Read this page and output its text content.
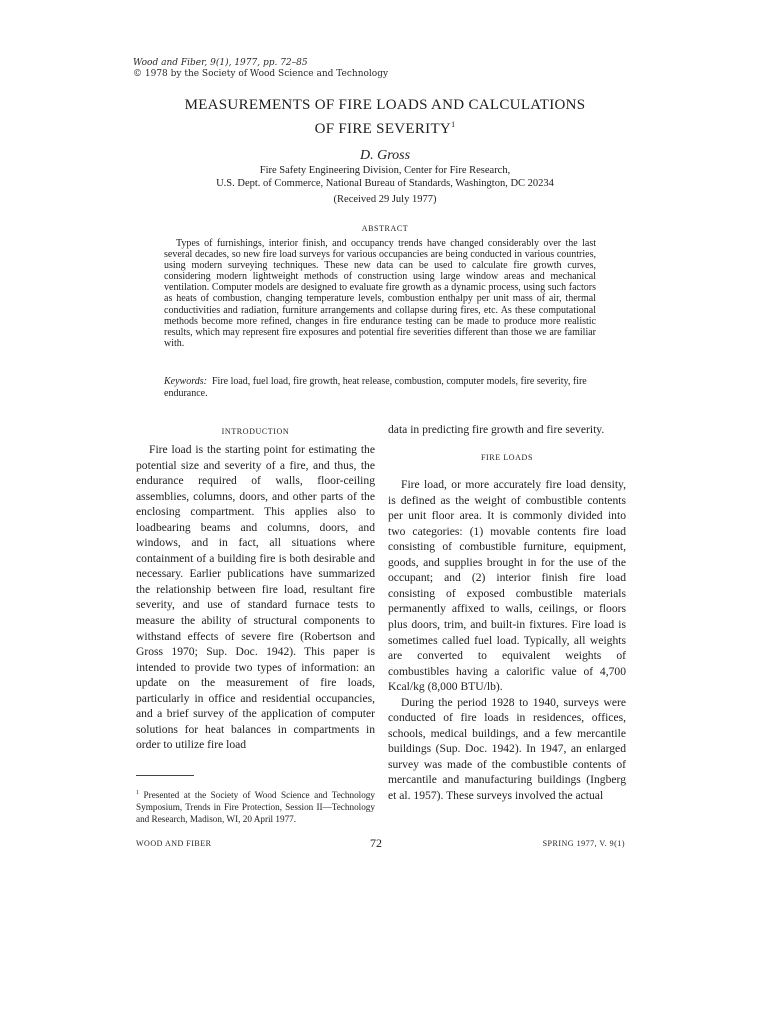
Wood and Fiber, 9(1), 1977, pp. 72–85
© 1978 by the Society of Wood Science and Technology
MEASUREMENTS OF FIRE LOADS AND CALCULATIONS
OF FIRE SEVERITY$^1$
D. Gross
Fire Safety Engineering Division, Center for Fire Research,
U.S. Dept. of Commerce, National Bureau of Standards, Washington, DC 20234
(Received 29 July 1977)
ABSTRACT
Types of furnishings, interior finish, and occupancy trends have changed considerably over the last several decades, so new fire load surveys for various occupancies are being conducted in various countries, using modern surveying techniques. These new data can be used to calculate fire growth curves, considering modern lightweight methods of construction using large window areas and mechanical ventilation. Computer models are designed to evaluate fire growth as a dynamic process, using such factors as heats of combustion, changing temperature levels, combustion enthalpy per unit mass of air, thermal conductivities and radiation, furniture arrangements and collapse during fires, etc. As these computational methods become more refined, changes in fire endurance testing can be made to produce more realistic results, which may represent fire exposures and potential fire severities different than those we are familiar with.
Keywords: Fire load, fuel load, fire growth, heat release, combustion, computer models, fire severity, fire endurance.
INTRODUCTION

Fire load is the starting point for estimating the potential size and severity of a fire, and thus, the endurance required of walls, floor-ceiling assemblies, columns, doors, and other parts of the enclosing compartment. This applies also to loadbearing beams and columns, doors, and windows, and in fact, all situations where containment of a building fire is both desirable and necessary. Earlier publications have summarized the relationship between fire load, resultant fire severity, and use of standard furnace tests to measure the ability of structural components to withstand effects of severe fire (Robertson and Gross 1970; Sup. Doc. 1942). This paper is intended to provide two types of information: an update on the measurement of fire loads, particularly in office and residential occupancies, and a brief survey of the application of computer solutions for heat balances in compartments in order to utilize fire load

$^1$ Presented at the Society of Wood Science and Technology Symposium, Trends in Fire Protection, Session II—Technology and Research, Madison, WI, 20 April 1977.

data in predicting fire growth and fire severity.

FIRE LOADS

Fire load, or more accurately fire load density, is defined as the weight of combustible contents per unit floor area. It is commonly divided into two categories: (1) movable contents fire load consisting of combustible furniture, equipment, goods, and supplies brought in for the use of the occupant; and (2) interior finish fire load consisting of exposed combustible materials permanently affixed to walls, ceilings, or floors plus doors, trim, and built-in fixtures. Fire load is sometimes called fuel load. Typically, all weights are converted to equivalent weights of combustibles having a calorific value of 4,700 Kcal/kg (8,000 BTU/lb).

During the period 1928 to 1940, surveys were conducted of fire loads in residences, offices, schools, medical buildings, and a few mercantile buildings (Sup. Doc. 1942). In 1947, an enlarged survey was made of the combustible contents of mercantile and manufacturing buildings (Ingberg et al. 1957). These surveys involved the actual

WOOD AND FIBER	72	SPRING 1977, V. 9(1)
